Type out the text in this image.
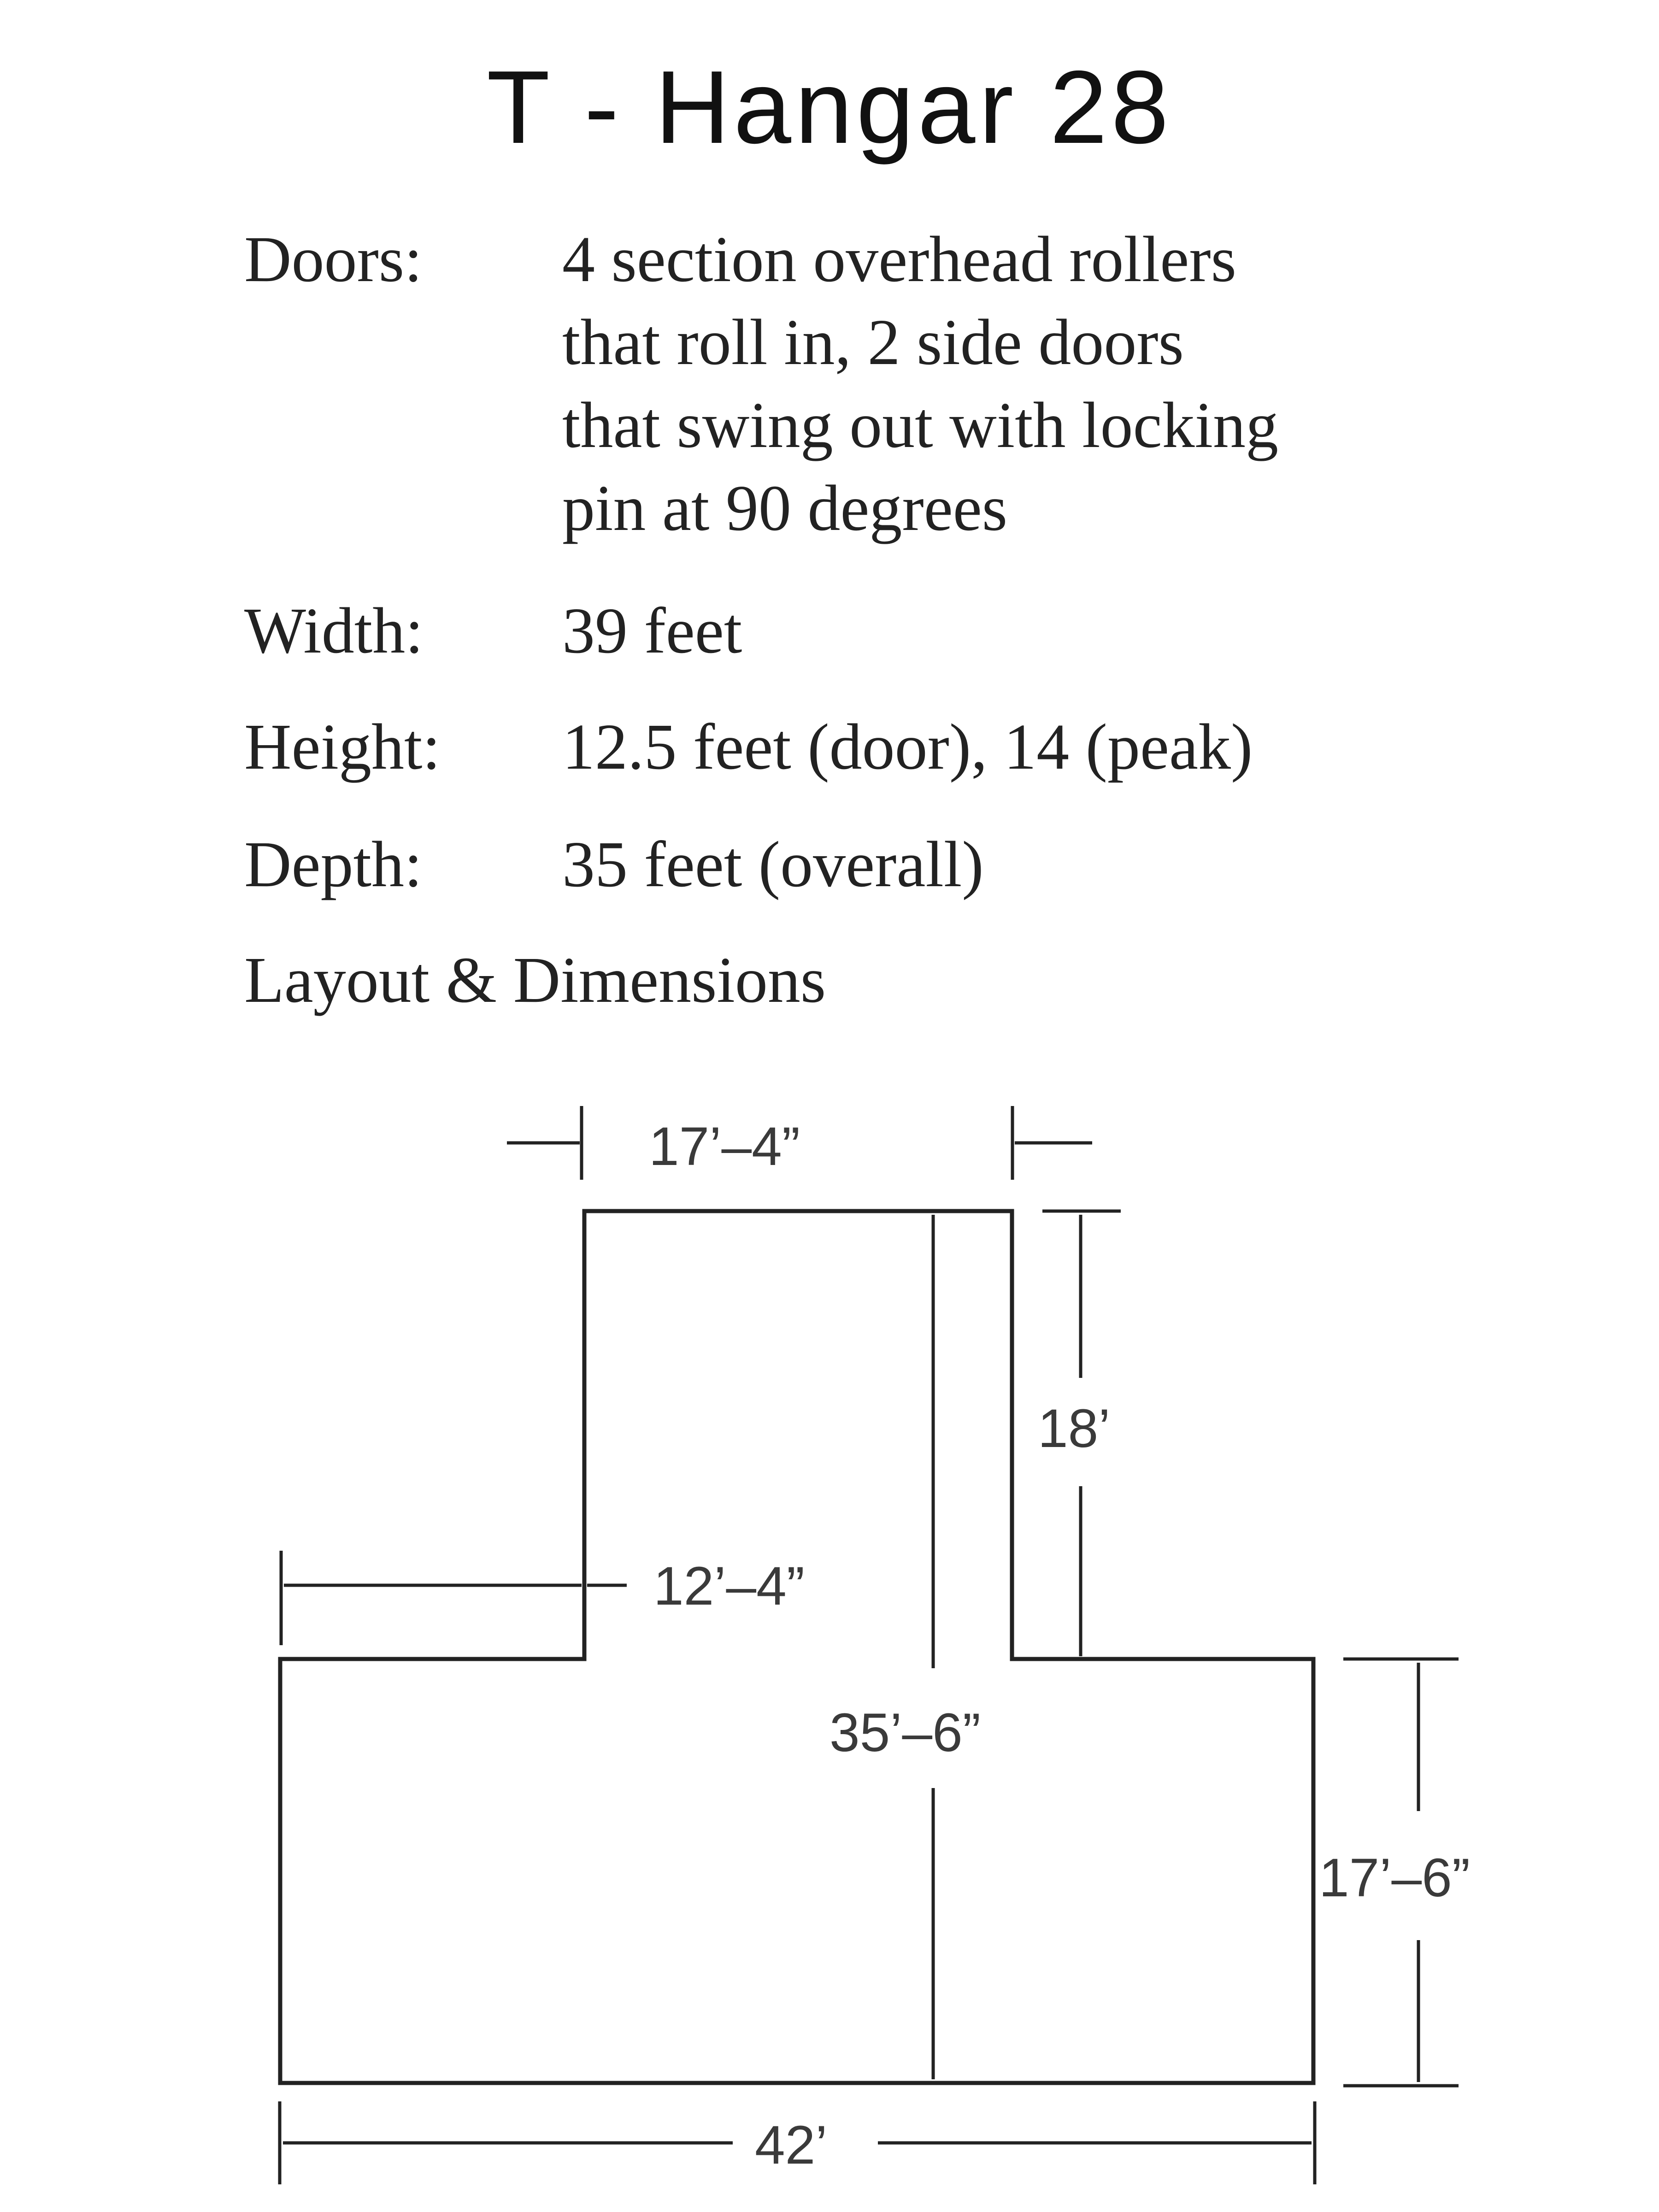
T - Hangar 28
Doors:	4 section overhead rollers
that roll in, 2 side doors
that swing out with locking
pin at 90 degrees
Width:	39 feet
Height:	12.5 feet (door), 14 (peak)
Depth:	35 feet (overall)
Layout & Dimensions
17’–4”
18’
12’–4”
35’–6”
17’–6”
42’
